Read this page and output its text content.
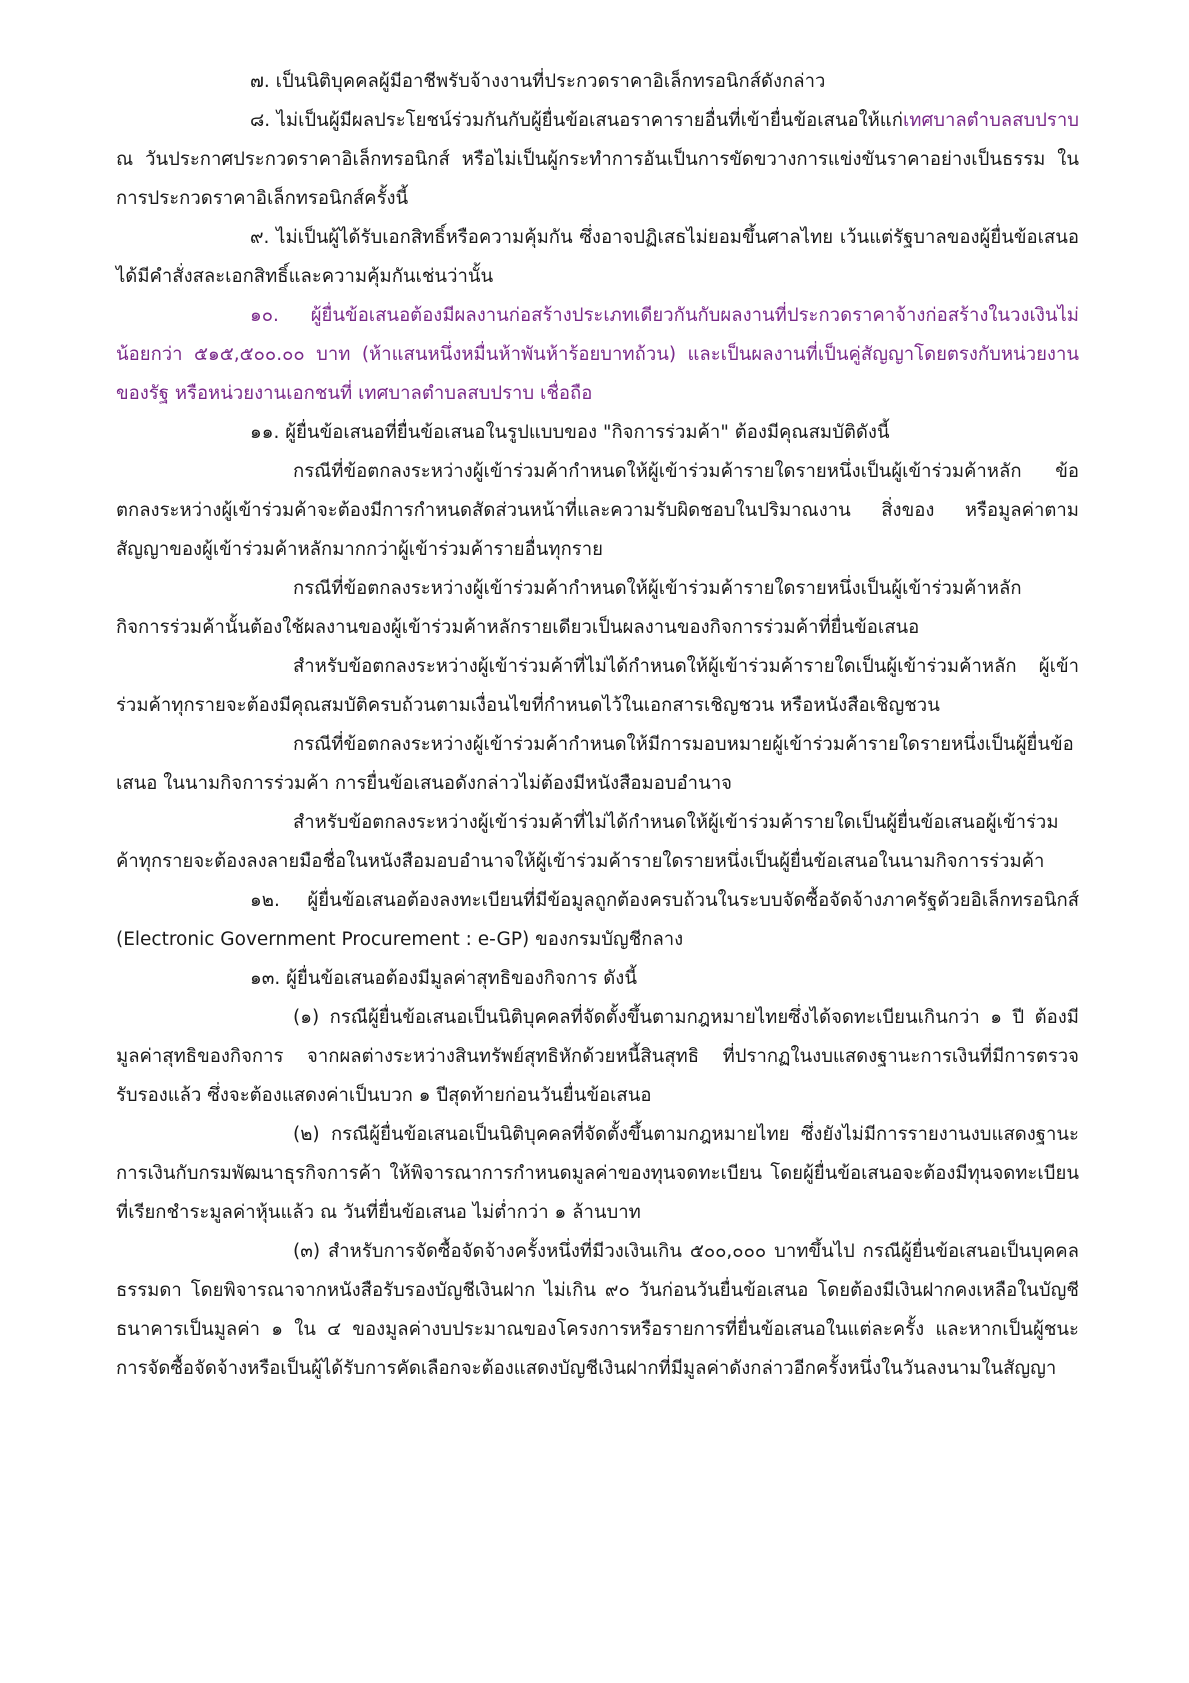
๗. เป็นนิติบุคคลผู้มีอาชีพรับจ้างงานที่ประกวดราคาอิเล็กทรอนิกส์ดังกล่าว

๘. ไม่เป็นผู้มีผลประโยชน์ร่วมกันกับผู้ยื่นข้อเสนอราคารายอื่นที่เข้ายื่นข้อเสนอให้แก่เทศบาลตำบลสบปราบ ณ วันประกาศประกวดราคาอิเล็กทรอนิกส์ หรือไม่เป็นผู้กระทำการอันเป็นการขัดขวางการแข่งขันราคาอย่างเป็นธรรม ในการประกวดราคาอิเล็กทรอนิกส์ครั้งนี้

๙. ไม่เป็นผู้ได้รับเอกสิทธิ์หรือความคุ้มกัน ซึ่งอาจปฏิเสธไม่ยอมขึ้นศาลไทย เว้นแต่รัฐบาลของผู้ยื่นข้อเสนอได้มีคำสั่งสละเอกสิทธิ์และความคุ้มกันเช่นว่านั้น

๑๐. ผู้ยื่นข้อเสนอต้องมีผลงานก่อสร้างประเภทเดียวกันกับผลงานที่ประกวดราคาจ้างก่อสร้างในวงเงินไม่น้อยกว่า ๕๑๕,๕๐๐.๐๐ บาท (ห้าแสนหนึ่งหมื่นห้าพันห้าร้อยบาทถ้วน) และเป็นผลงานที่เป็นคู่สัญญาโดยตรงกับหน่วยงานของรัฐ หรือหน่วยงานเอกชนที่ เทศบาลตำบลสบปราบ เชื่อถือ

๑๑. ผู้ยื่นข้อเสนอที่ยื่นข้อเสนอในรูปแบบของ "กิจการร่วมค้า" ต้องมีคุณสมบัติดังนี้

กรณีที่ข้อตกลงระหว่างผู้เข้าร่วมค้ากำหนดให้ผู้เข้าร่วมค้ารายใดรายหนึ่งเป็นผู้เข้าร่วมค้าหลัก ข้อตกลงระหว่างผู้เข้าร่วมค้าจะต้องมีการกำหนดสัดส่วนหน้าที่และความรับผิดชอบในปริมาณงาน สิ่งของ หรือมูลค่าตามสัญญาของผู้เข้าร่วมค้าหลักมากกว่าผู้เข้าร่วมค้ารายอื่นทุกราย

กรณีที่ข้อตกลงระหว่างผู้เข้าร่วมค้ากำหนดให้ผู้เข้าร่วมค้ารายใดรายหนึ่งเป็นผู้เข้าร่วมค้าหลัก กิจการร่วมค้านั้นต้องใช้ผลงานของผู้เข้าร่วมค้าหลักรายเดียวเป็นผลงานของกิจการร่วมค้าที่ยื่นข้อเสนอ

สำหรับข้อตกลงระหว่างผู้เข้าร่วมค้าที่ไม่ได้กำหนดให้ผู้เข้าร่วมค้ารายใดเป็นผู้เข้าร่วมค้าหลัก ผู้เข้าร่วมค้าทุกรายจะต้องมีคุณสมบัติครบถ้วนตามเงื่อนไขที่กำหนดไว้ในเอกสารเชิญชวน หรือหนังสือเชิญชวน

กรณีที่ข้อตกลงระหว่างผู้เข้าร่วมค้ากำหนดให้มีการมอบหมายผู้เข้าร่วมค้ารายใดรายหนึ่งเป็นผู้ยื่นข้อเสนอ ในนามกิจการร่วมค้า การยื่นข้อเสนอดังกล่าวไม่ต้องมีหนังสือมอบอำนาจ

สำหรับข้อตกลงระหว่างผู้เข้าร่วมค้าที่ไม่ได้กำหนดให้ผู้เข้าร่วมค้ารายใดเป็นผู้ยื่นข้อเสนอผู้เข้าร่วมค้าทุกรายจะต้องลงลายมือชื่อในหนังสือมอบอำนาจให้ผู้เข้าร่วมค้ารายใดรายหนึ่งเป็นผู้ยื่นข้อเสนอในนามกิจการร่วมค้า

๑๒. ผู้ยื่นข้อเสนอต้องลงทะเบียนที่มีข้อมูลถูกต้องครบถ้วนในระบบจัดซื้อจัดจ้างภาครัฐด้วยอิเล็กทรอนิกส์ (Electronic Government Procurement : e-GP) ของกรมบัญชีกลาง

๑๓. ผู้ยื่นข้อเสนอต้องมีมูลค่าสุทธิของกิจการ ดังนี้

(๑) กรณีผู้ยื่นข้อเสนอเป็นนิติบุคคลที่จัดตั้งขึ้นตามกฎหมายไทยซึ่งได้จดทะเบียนเกินกว่า ๑ ปี ต้องมีมูลค่าสุทธิของกิจการ จากผลต่างระหว่างสินทรัพย์สุทธิหักด้วยหนี้สินสุทธิ ที่ปรากฏในงบแสดงฐานะการเงินที่มีการตรวจรับรองแล้ว ซึ่งจะต้องแสดงค่าเป็นบวก ๑ ปีสุดท้ายก่อนวันยื่นข้อเสนอ

(๒) กรณีผู้ยื่นข้อเสนอเป็นนิติบุคคลที่จัดตั้งขึ้นตามกฎหมายไทย ซึ่งยังไม่มีการรายงานงบแสดงฐานะการเงินกับกรมพัฒนาธุรกิจการค้า ให้พิจารณาการกำหนดมูลค่าของทุนจดทะเบียน โดยผู้ยื่นข้อเสนอจะต้องมีทุนจดทะเบียนที่เรียกชำระมูลค่าหุ้นแล้ว ณ วันที่ยื่นข้อเสนอ ไม่ต่ำกว่า ๑ ล้านบาท

(๓) สำหรับการจัดซื้อจัดจ้างครั้งหนึ่งที่มีวงเงินเกิน ๕๐๐,๐๐๐ บาทขึ้นไป กรณีผู้ยื่นข้อเสนอเป็นบุคคลธรรมดา โดยพิจารณาจากหนังสือรับรองบัญชีเงินฝาก ไม่เกิน ๙๐ วันก่อนวันยื่นข้อเสนอ โดยต้องมีเงินฝากคงเหลือในบัญชีธนาคารเป็นมูลค่า ๑ ใน ๔ ของมูลค่างบประมาณของโครงการหรือรายการที่ยื่นข้อเสนอในแต่ละครั้ง และหากเป็นผู้ชนะการจัดซื้อจัดจ้างหรือเป็นผู้ได้รับการคัดเลือกจะต้องแสดงบัญชีเงินฝากที่มีมูลค่าดังกล่าวอีกครั้งหนึ่งในวันลงนามในสัญญา
